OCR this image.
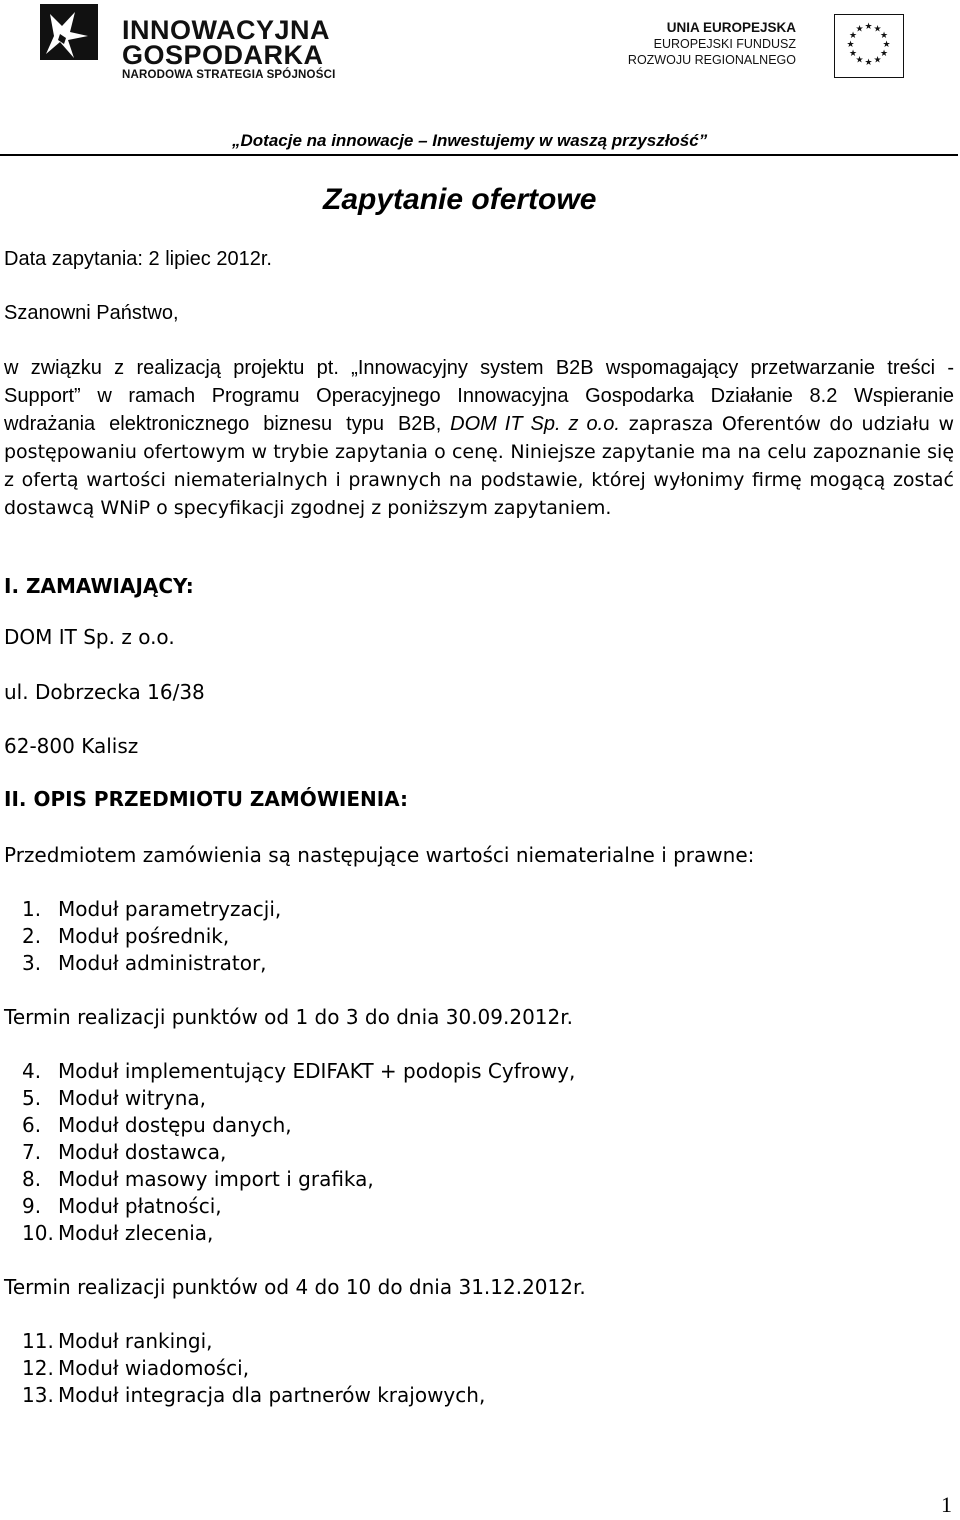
INNOWACYJNA
GOSPODARKA
NARODOWA STRATEGIA SPÓJNOŚCI
UNIA EUROPEJSKA
EUROPEJSKI FUNDUSZ
ROZWOJU REGIONALNEGO
★ ★
★
★
★
★
★
★
★
★
★
★
„Dotacje na innowacje – Inwestujemy w waszą przyszłość”
Zapytanie ofertowe
Data zapytania: 2 lipiec 2012r.
Szanowni Państwo,
w związku z realizacją projektu pt. „Innowacyjny system B2B wspomagający przetwarzanie treści - Support” w ramach Programu Operacyjnego Innowacyjna Gospodarka Działanie 8.2 Wspieranie wdrażania elektronicznego biznesu typu B2B, DOM IT Sp. z o.o. zaprasza Oferentów do udziału w postępowaniu ofertowym w trybie zapytania o cenę. Niniejsze zapytanie ma na celu zapoznanie się z ofertą wartości niematerialnych i prawnych na podstawie, której wyłonimy firmę mogącą zostać dostawcą WNiP o specyfikacji zgodnej z poniższym zapytaniem.
I. ZAMAWIAJĄCY:
DOM IT Sp. z o.o.
ul. Dobrzecka 16/38
62-800 Kalisz
II. OPIS PRZEDMIOTU ZAMÓWIENIA:
Przedmiotem zamówienia są następujące wartości niematerialne i prawne:
1. Moduł parametryzacji,
2. Moduł pośrednik,
3. Moduł administrator,
Termin realizacji punktów od 1 do 3 do dnia 30.09.2012r.
4. Moduł implementujący EDIFAKT + podopis Cyfrowy,
5. Moduł witryna,
6. Moduł dostępu danych,
7. Moduł dostawca,
8. Moduł masowy import i grafika,
9. Moduł płatności,
10. Moduł zlecenia,
Termin realizacji punktów od 4 do 10 do dnia 31.12.2012r.
11. Moduł rankingi,
12. Moduł wiadomości,
13. Moduł integracja dla partnerów krajowych,
1
